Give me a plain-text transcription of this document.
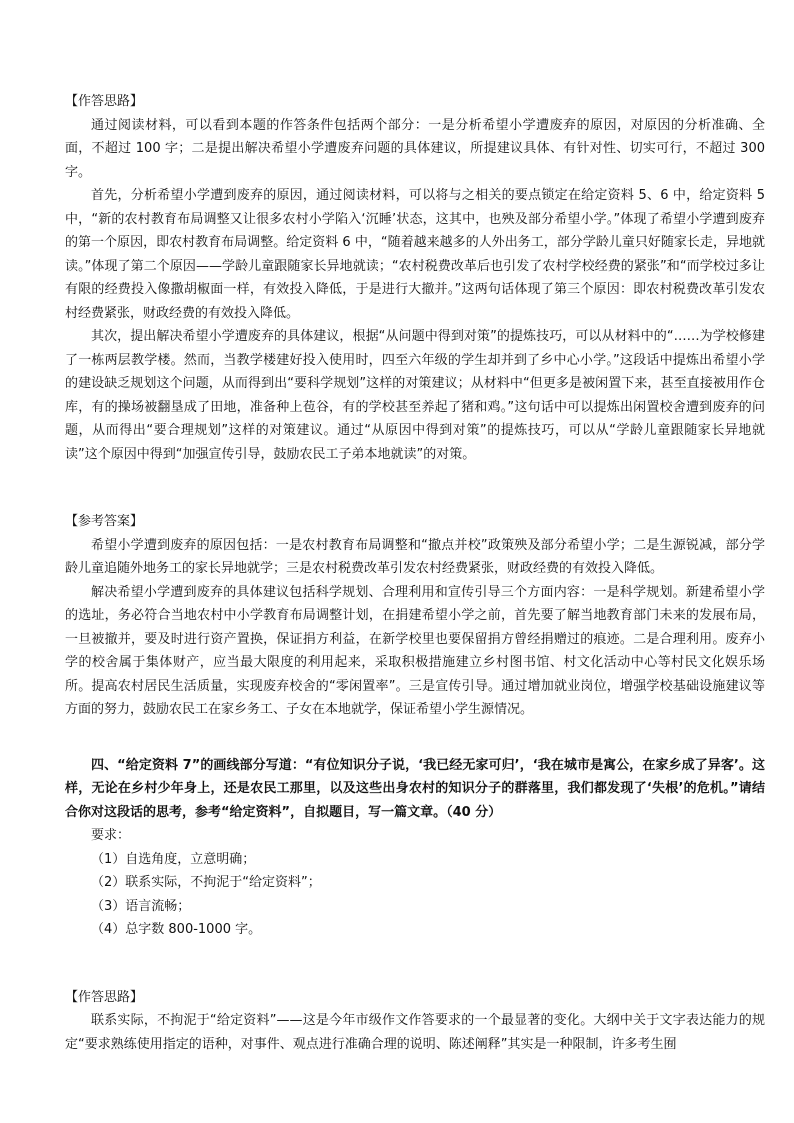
【作答思路】

通过阅读材料，可以看到本题的作答条件包括两个部分：一是分析希望小学遭废弃的原因，对原因的分析准确、全面，不超过 100 字；二是提出解决希望小学遭废弃问题的具体建议，所提建议具体、有针对性、切实可行，不超过 300 字。

首先，分析希望小学遭到废弃的原因，通过阅读材料，可以将与之相关的要点锁定在给定资料 5、6 中，给定资料 5 中，“新的农村教育布局调整又让很多农村小学陷入‘沉睡’状态，这其中，也殃及部分希望小学。”体现了希望小学遭到废弃的第一个原因，即农村教育布局调整。给定资料 6 中，“随着越来越多的人外出务工，部分学龄儿童只好随家长走，异地就读。”体现了第二个原因——学龄儿童跟随家长异地就读；“农村税费改革后也引发了农村学校经费的紧张”和“而学校过多让有限的经费投入像撒胡椒面一样，有效投入降低，于是进行大撤并。”这两句话体现了第三个原因：即农村税费改革引发农村经费紧张，财政经费的有效投入降低。

其次，提出解决希望小学遭废弃的具体建议，根据“从问题中得到对策”的提炼技巧，可以从材料中的“……为学校修建了一栋两层教学楼。然而，当教学楼建好投入使用时，四至六年级的学生却并到了乡中心小学。”这段话中提炼出希望小学的建设缺乏规划这个问题，从而得到出“要科学规划”这样的对策建议；从材料中“但更多是被闲置下来，甚至直接被用作仓库，有的操场被翻垦成了田地，准备种上苞谷，有的学校甚至养起了猪和鸡。”这句话中可以提炼出闲置校舍遭到废弃的问题，从而得出“要合理规划”这样的对策建议。通过“从原因中得到对策”的提炼技巧，可以从“学龄儿童跟随家长异地就读”这个原因中得到“加强宣传引导，鼓励农民工子弟本地就读”的对策。

【参考答案】

希望小学遭到废弃的原因包括：一是农村教育布局调整和“撤点并校”政策殃及部分希望小学；二是生源锐减，部分学龄儿童追随外地务工的家长异地就学；三是农村税费改革引发农村经费紧张，财政经费的有效投入降低。

解决希望小学遭到废弃的具体建议包括科学规划、合理利用和宣传引导三个方面内容：一是科学规划。新建希望小学的选址，务必符合当地农村中小学教育布局调整计划，在捐建希望小学之前，首先要了解当地教育部门未来的发展布局，一旦被撤并，要及时进行资产置换，保证捐方利益，在新学校里也要保留捐方曾经捐赠过的痕迹。二是合理利用。废弃小学的校舍属于集体财产，应当最大限度的利用起来，采取积极措施建立乡村图书馆、村文化活动中心等村民文化娱乐场所。提高农村居民生活质量，实现废弃校舍的“零闲置率”。三是宣传引导。通过增加就业岗位，增强学校基础设施建议等方面的努力，鼓励农民工在家乡务工、子女在本地就学，保证希望小学生源情况。

四、“给定资料 7”的画线部分写道：“有位知识分子说，‘我已经无家可归’，‘我在城市是寓公，在家乡成了异客’。这样，无论在乡村少年身上，还是农民工那里，以及这些出身农村的知识分子的群落里，我们都发现了‘失根’的危机。”请结合你对这段话的思考，参考“给定资料”，自拟题目，写一篇文章。（40 分）

要求：

（1）自选角度，立意明确；

（2）联系实际，不拘泥于“给定资料”；

（3）语言流畅；

（4）总字数 800-1000 字。

【作答思路】

联系实际，不拘泥于“给定资料”——这是今年市级作文作答要求的一个最显著的变化。大纲中关于文字表达能力的规定“要求熟练使用指定的语种，对事件、观点进行准确合理的说明、陈述阐释”其实是一种限制，许多考生囿
